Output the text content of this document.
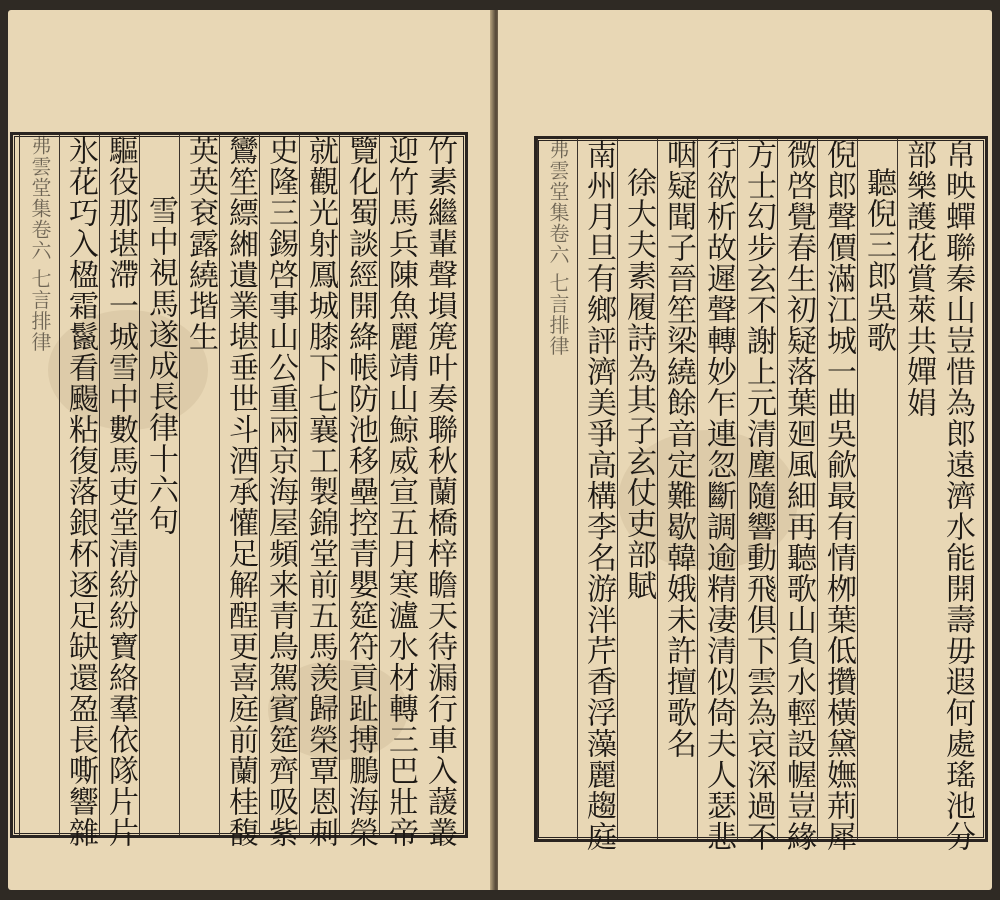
竹素繼輩聲塤箎叶奏聯秋蘭橋梓瞻天待漏行車入蘐叢
迎竹馬兵陳魚麗靖山鯨威宣五月寒瀘水材轉三巴壯帝
覽化蜀談經開絳帳防池移壘控青嬰筵符貢趾搏鵬海榮
就觀光射鳳城膝下七襄工製錦堂前五馬羡歸榮覃恩刺
史隆三錫啓事山公重兩京海屋頻来青鳥駕賓筵齊吸紫
鸞笙縹緗遺業堪垂世斗酒承懽足解酲更喜庭前蘭桂馥
英英袞露繞堦生
雪中視馬遂成長律十六句
驅役那堪滯一城雪中數馬吏堂清紛紛寶絡羣依隊片片
氷花巧入楹霜鬣看颺粘復落銀杯逐足缺還盈長嘶響雜
弗雲堂集卷六 七言排律	帛映蟬聯秦山豈惜為郎遠濟水能開壽毋遐何處瑤池分
部樂護花賞萊共嬋娟
聽倪三郎吳歌
倪郎聲價滿江城一曲吳歈最有情栁葉低攢橫黛嫵荊犀
微啓覺春生初疑落葉廻風細再聽歌山負水輕設幄豈緣
方士幻步玄不謝上元清塵隨響動飛俱下雲為哀深過不
行欲析故遲聲轉妙乍連忽斷調逾精凄清似倚夫人瑟悲
咽疑聞子晉笙梁繞餘音定難歇韓娥未許擅歌名
徐大夫素履詩為其子玄仗吏部賦
南州月旦有鄉評濟美爭高構李名游泮芹香浮藻麗趨庭
弗雲堂集卷六 七言排律
